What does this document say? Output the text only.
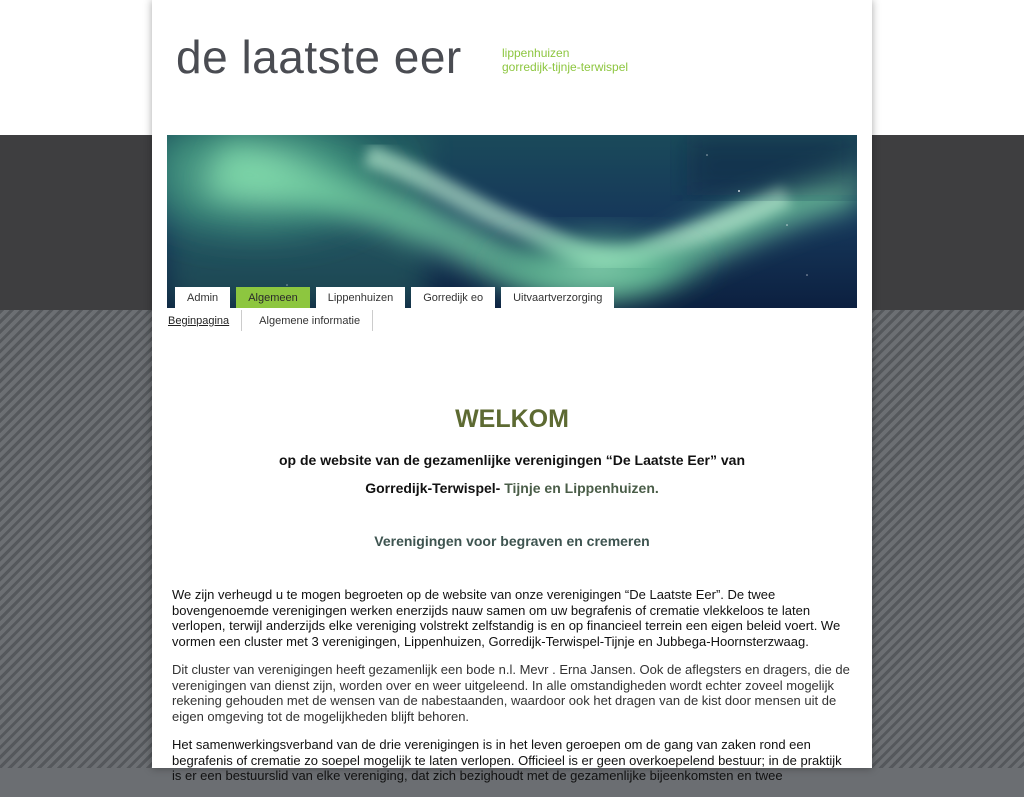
de laatste eer	lippenhuizen
gorredijk-tijnje-terwispel
Admin	Algemeen	Lippenhuizen	Gorredijk eo	Uitvaartverzorging
Beginpagina	Algemene informatie
WELKOM
op de website van de gezamenlijke verenigingen “De Laatste Eer” van
Gorredijk-Terwispel- Tijnje en Lippenhuizen.
Verenigingen voor begraven en cremeren

We zijn verheugd u te mogen begroeten op de website van onze verenigingen “De Laatste Eer”. De twee bovengenoemde verenigingen werken enerzijds nauw samen om uw begrafenis of crematie vlekkeloos te laten verlopen, terwijl anderzijds elke vereniging volstrekt zelfstandig is en op financieel terrein een eigen beleid voert. We vormen een cluster met 3 verenigingen, Lippenhuizen, Gorredijk-Terwispel-Tijnje en Jubbega-Hoornsterzwaag.

Dit cluster van verenigingen heeft gezamenlijk een bode n.l. Mevr . Erna Jansen. Ook de aflegsters en dragers, die de verenigingen van dienst zijn, worden over en weer uitgeleend. In alle omstandigheden wordt echter zoveel mogelijk rekening gehouden met de wensen van de nabestaanden, waardoor ook het dragen van de kist door mensen uit de eigen omgeving tot de mogelijkheden blijft behoren.

Het samenwerkingsverband van de drie verenigingen is in het leven geroepen om de gang van zaken rond een begrafenis of crematie zo soepel mogelijk te laten verlopen. Officieel is er geen overkoepelend bestuur; in de praktijk is er een bestuurslid van elke vereniging, dat zich bezighoudt met de gezamenlijke bijeenkomsten en twee
